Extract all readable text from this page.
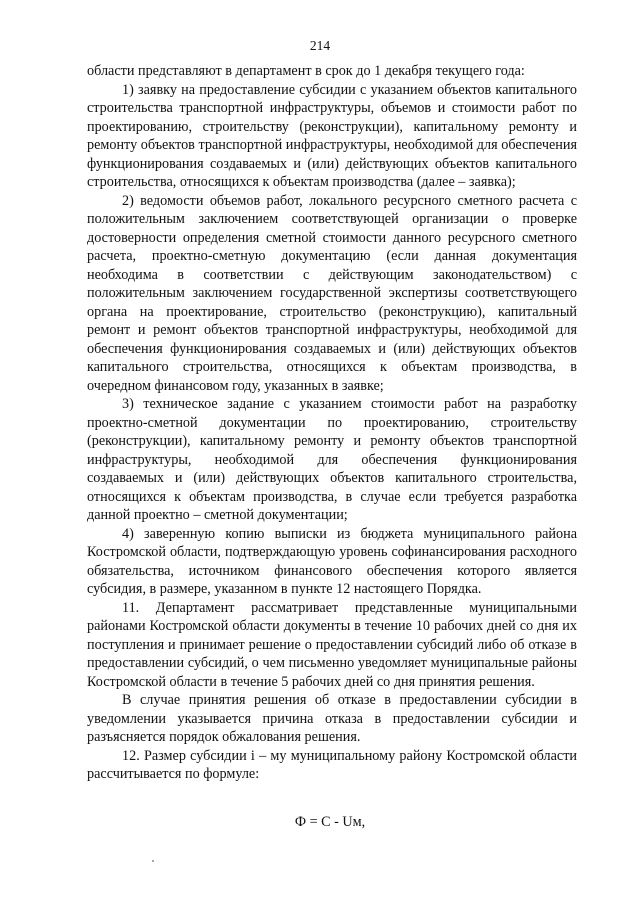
214

области представляют в департамент в срок до 1 декабря текущего года:

1) заявку на предоставление субсидии с указанием объектов капитального строительства транспортной инфраструктуры, объемов и стоимости работ по проектированию, строительству (реконструкции), капитальному ремонту и ремонту объектов транспортной инфраструктуры, необходимой для обеспечения функционирования создаваемых и (или) действующих объектов капитального строительства, относящихся к объектам производства (далее – заявка);

2) ведомости объемов работ, локального ресурсного сметного расчета с положительным заключением соответствующей организации о проверке достоверности определения сметной стоимости данного ресурсного сметного расчета, проектно-сметную документацию (если данная документация необходима в соответствии с действующим законодательством) с положительным заключением государственной экспертизы соответствующего органа на проектирование, строительство (реконструкцию), капитальный ремонт и ремонт объектов транспортной инфраструктуры, необходимой для обеспечения функционирования создаваемых и (или) действующих объектов капитального строительства, относящихся к объектам производства, в очередном финансовом году, указанных в заявке;

3) техническое задание с указанием стоимости работ на разработку проектно-сметной документации по проектированию, строительству (реконструкции), капитальному ремонту и ремонту объектов транспортной инфраструктуры, необходимой для обеспечения функционирования создаваемых и (или) действующих объектов капитального строительства, относящихся к объектам производства, в случае если требуется разработка данной проектно – сметной документации;

4) заверенную копию выписки из бюджета муниципального района Костромской области, подтверждающую уровень софинансирования расходного обязательства, источником финансового обеспечения которого является субсидия, в размере, указанном в пункте 12 настоящего Порядка.

11. Департамент рассматривает представленные муниципальными районами Костромской области документы в течение 10 рабочих дней со дня их поступления и принимает решение о предоставлении субсидий либо об отказе в предоставлении субсидий, о чем письменно уведомляет муниципальные районы Костромской области в течение 5 рабочих дней со дня принятия решения.

В случае принятия решения об отказе в предоставлении субсидии в уведомлении указывается причина отказа в предоставлении субсидии и разъясняется порядок обжалования решения.

12. Размер субсидии i – му муниципальному району Костромской области рассчитывается по формуле:

Ф = С - Uм,
